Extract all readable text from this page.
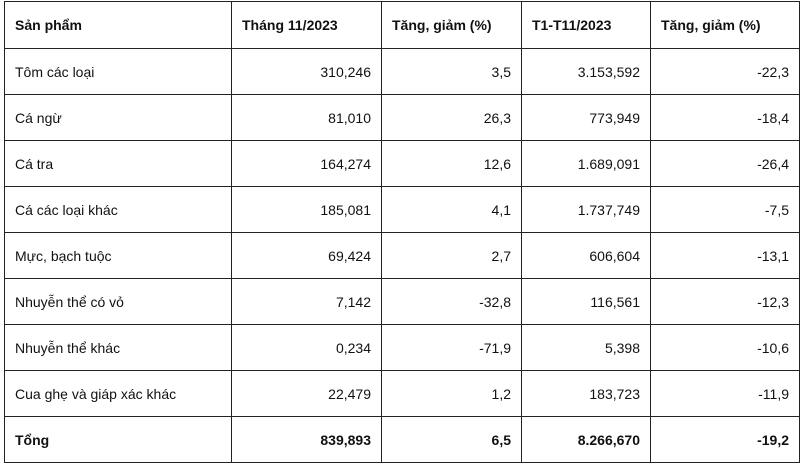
Sản phẩm	Tháng 11/2023	Tăng, giảm (%)	T1-T11/2023	Tăng, giảm (%)
Tôm các loại	310,246	3,5	3.153,592	-22,3
Cá ngừ	81,010	26,3	773,949	-18,4
Cá tra	164,274	12,6	1.689,091	-26,4
Cá các loại khác	185,081	4,1	1.737,749	-7,5
Mực, bạch tuộc	69,424	2,7	606,604	-13,1
Nhuyễn thể có vỏ	7,142	-32,8	116,561	-12,3
Nhuyễn thể khác	0,234	-71,9	5,398	-10,6
Cua ghẹ và giáp xác khác	22,479	1,2	183,723	-11,9
Tổng	839,893	6,5	8.266,670	-19,2
